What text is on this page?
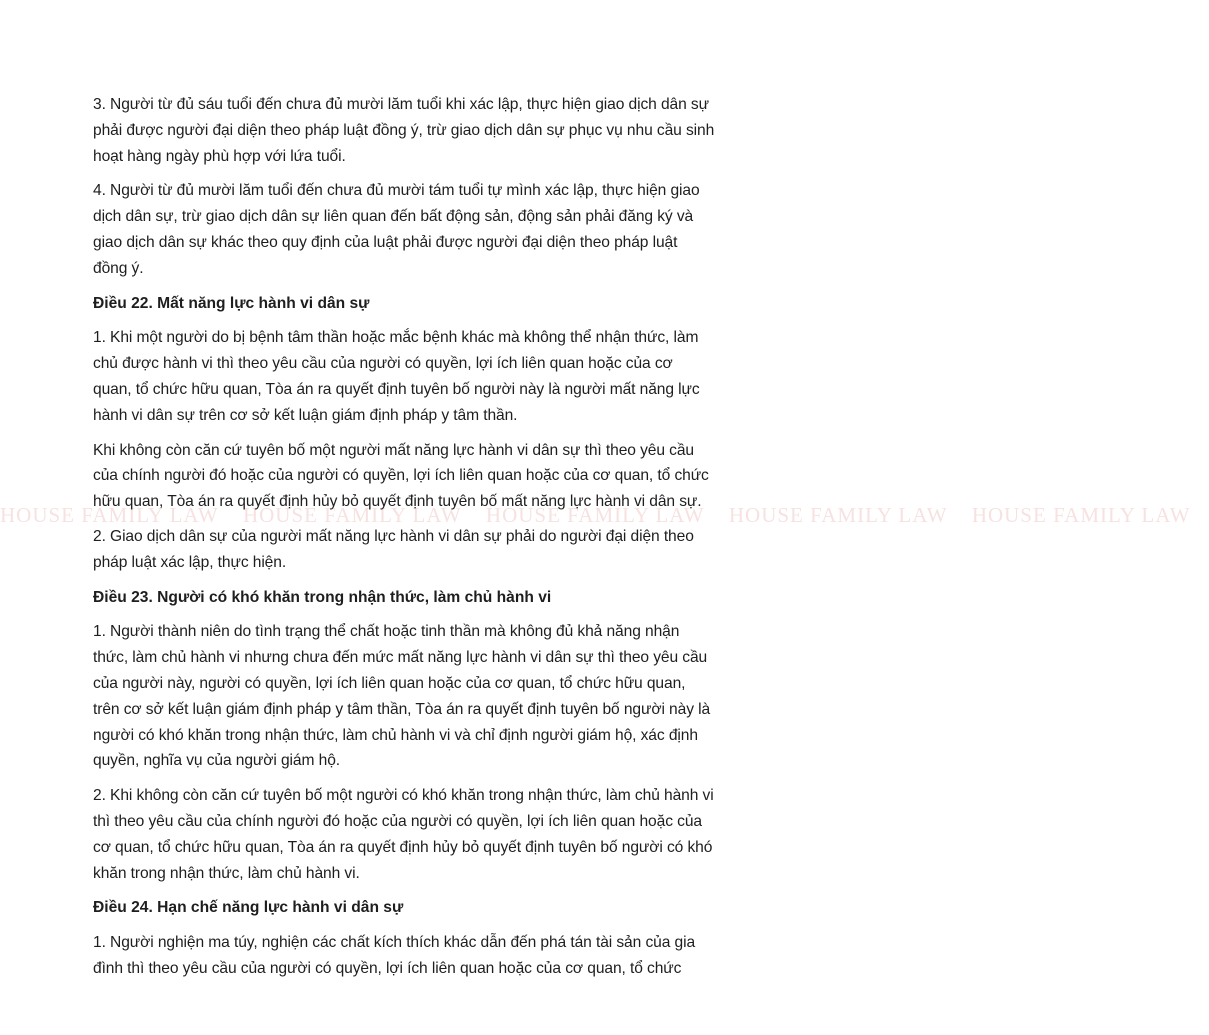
3. Người từ đủ sáu tuổi đến chưa đủ mười lăm tuổi khi xác lập, thực hiện giao dịch dân sự phải được người đại diện theo pháp luật đồng ý, trừ giao dịch dân sự phục vụ nhu cầu sinh hoạt hàng ngày phù hợp với lứa tuổi.

4. Người từ đủ mười lăm tuổi đến chưa đủ mười tám tuổi tự mình xác lập, thực hiện giao dịch dân sự, trừ giao dịch dân sự liên quan đến bất động sản, động sản phải đăng ký và giao dịch dân sự khác theo quy định của luật phải được người đại diện theo pháp luật đồng ý.

Điều 22. Mất năng lực hành vi dân sự

1. Khi một người do bị bệnh tâm thần hoặc mắc bệnh khác mà không thể nhận thức, làm chủ được hành vi thì theo yêu cầu của người có quyền, lợi ích liên quan hoặc của cơ quan, tổ chức hữu quan, Tòa án ra quyết định tuyên bố người này là người mất năng lực hành vi dân sự trên cơ sở kết luận giám định pháp y tâm thần.

Khi không còn căn cứ tuyên bố một người mất năng lực hành vi dân sự thì theo yêu cầu của chính người đó hoặc của người có quyền, lợi ích liên quan hoặc của cơ quan, tổ chức hữu quan, Tòa án ra quyết định hủy bỏ quyết định tuyên bố mất năng lực hành vi dân sự.

2. Giao dịch dân sự của người mất năng lực hành vi dân sự phải do người đại diện theo pháp luật xác lập, thực hiện.

Điều 23. Người có khó khăn trong nhận thức, làm chủ hành vi

1. Người thành niên do tình trạng thể chất hoặc tinh thần mà không đủ khả năng nhận thức, làm chủ hành vi nhưng chưa đến mức mất năng lực hành vi dân sự thì theo yêu cầu của người này, người có quyền, lợi ích liên quan hoặc của cơ quan, tổ chức hữu quan, trên cơ sở kết luận giám định pháp y tâm thần, Tòa án ra quyết định tuyên bố người này là người có khó khăn trong nhận thức, làm chủ hành vi và chỉ định người giám hộ, xác định quyền, nghĩa vụ của người giám hộ.

2. Khi không còn căn cứ tuyên bố một người có khó khăn trong nhận thức, làm chủ hành vi thì theo yêu cầu của chính người đó hoặc của người có quyền, lợi ích liên quan hoặc của cơ quan, tổ chức hữu quan, Tòa án ra quyết định hủy bỏ quyết định tuyên bố người có khó khăn trong nhận thức, làm chủ hành vi.

Điều 24. Hạn chế năng lực hành vi dân sự

1. Người nghiện ma túy, nghiện các chất kích thích khác dẫn đến phá tán tài sản của gia đình thì theo yêu cầu của người có quyền, lợi ích liên quan hoặc của cơ quan, tổ chức

HOUSE FAMILY LAW HOUSE FAMILY LAW HOUSE FAMILY LAW HOUSE FAMILY LAW HOUSE FAMILY LAW
